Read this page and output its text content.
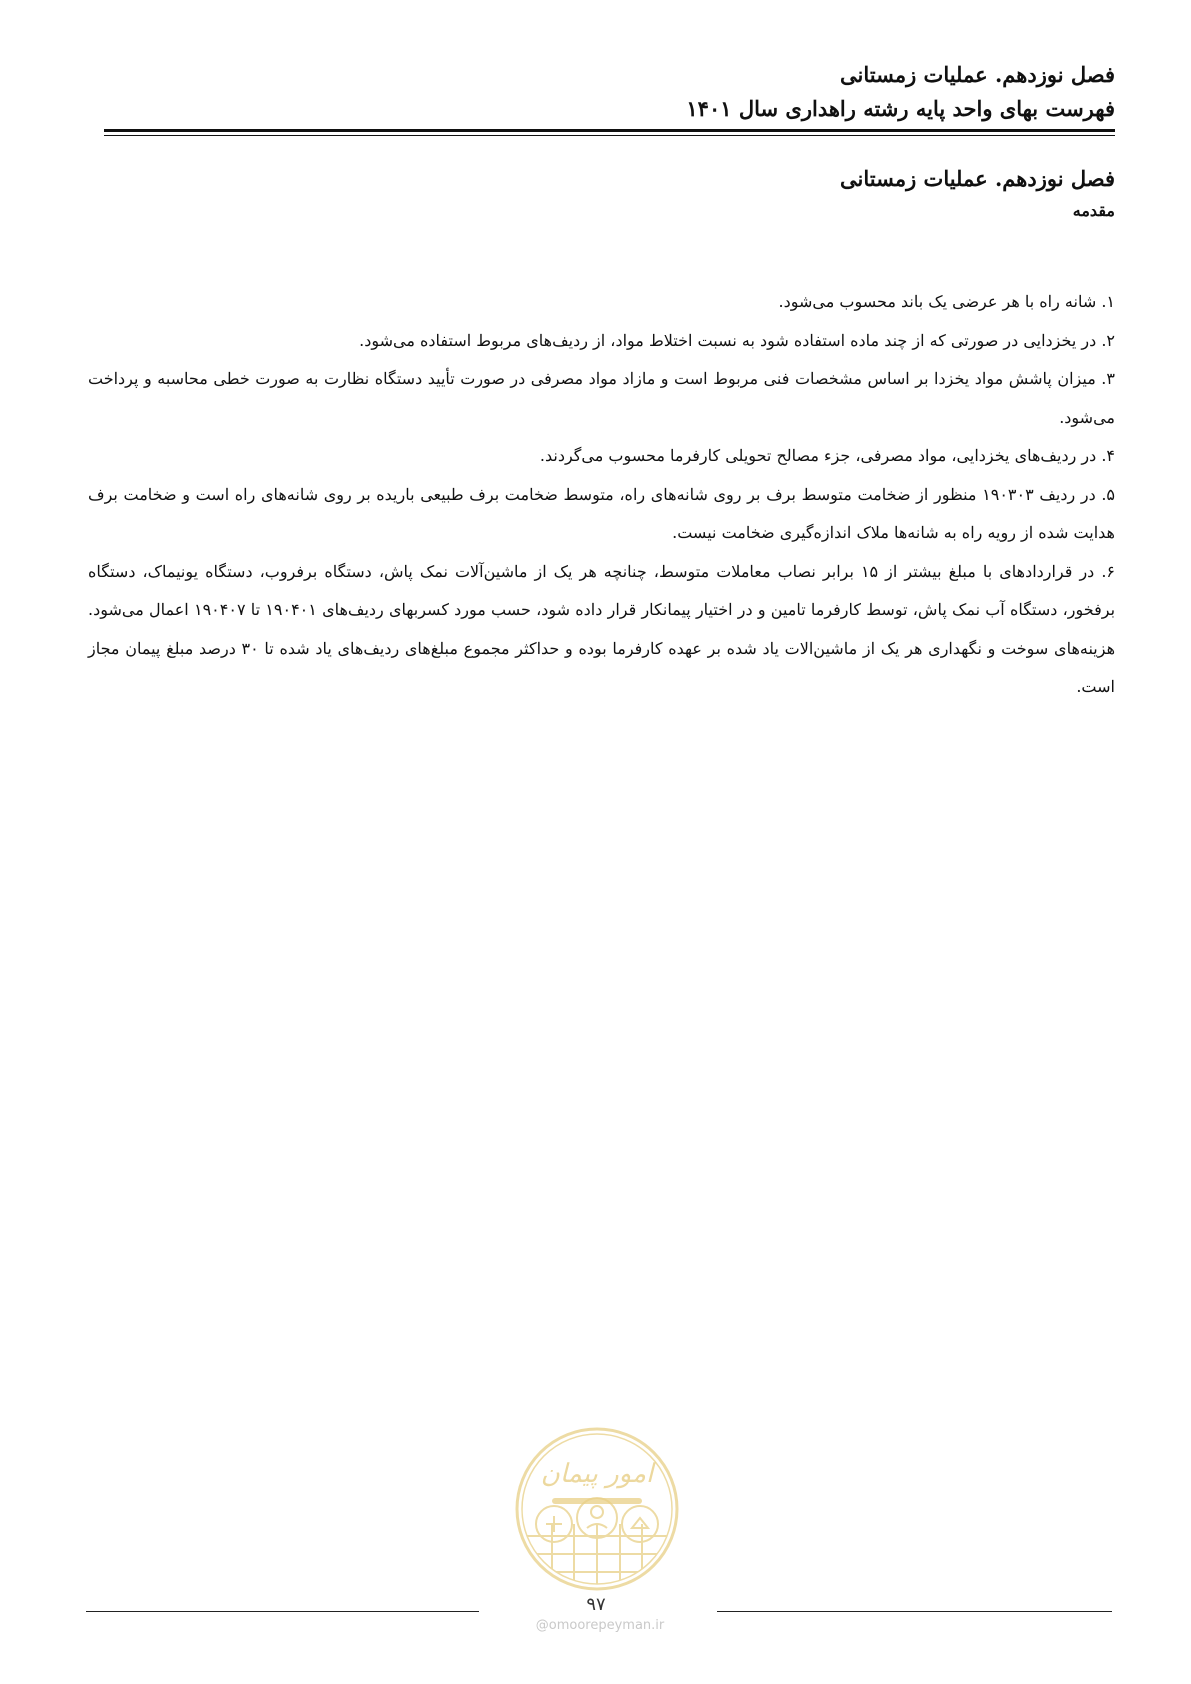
فصل نوزدهم. عملیات زمستانی
فهرست بهای واحد پایه رشته راهداری سال ۱۴۰۱
فصل نوزدهم. عملیات زمستانی
مقدمه

۱. شانه راه با هر عرضی یک باند محسوب می‌شود.

۲. در یخزدایی در صورتی که از چند ماده استفاده شود به نسبت اختلاط مواد، از ردیف‌های مربوط استفاده می‌شود.

۳. میزان پاشش مواد یخزدا بر اساس مشخصات فنی مربوط است و مازاد مواد مصرفی در صورت تأیید دستگاه نظارت به صورت خطی محاسبه و پرداخت می‌شود.

۴. در ردیف‌های یخزدایی، مواد مصرفی، جزء مصالح تحویلی کارفرما محسوب می‌گردند.

۵. در ردیف ۱۹۰۳۰۳ منظور از ضخامت متوسط برف بر روی شانه‌های راه، متوسط ضخامت برف طبیعی باریده بر روی شانه‌های راه است و ضخامت برف هدایت شده از رویه راه به شانه‌ها ملاک اندازه‌گیری ضخامت نیست.

۶. در قراردادهای با مبلغ بیشتر از ۱۵ برابر نصاب معاملات متوسط، چنانچه هر یک از ماشین‌آلات نمک پاش، دستگاه برفروب، دستگاه یونیماک، دستگاه برفخور، دستگاه آب نمک پاش، توسط کارفرما تامین و در اختیار پیمانکار قرار داده شود، حسب مورد کسربهای ردیف‌های ۱۹۰۴۰۱ تا ۱۹۰۴۰۷ اعمال می‌شود. هزینه‌های سوخت و نگهداری هر یک از ماشین‌الات یاد شده بر عهده کارفرما بوده و حداکثر مجموع مبلغ‌های ردیف‌های یاد شده تا ۳۰ درصد مبلغ پیمان مجاز است.

امور پیمان
۹۷
@omoorepeyman.ir
